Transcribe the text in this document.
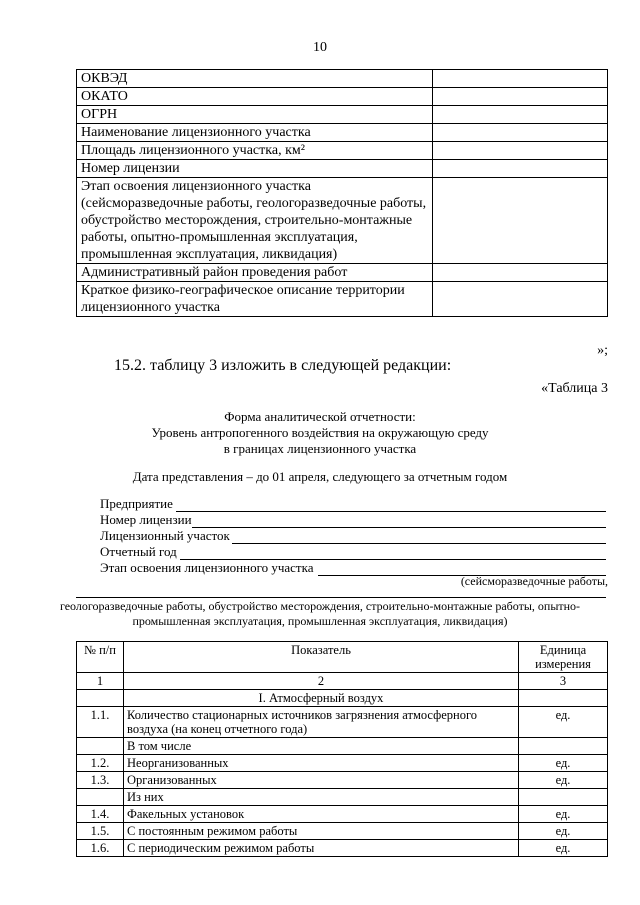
10
ОКВЭД	
ОКАТО	
ОГРН	
Наименование лицензионного участка	
Площадь лицензионного участка, км²	
Номер лицензии	
Этап освоения лицензионного участка (сейсморазведочные работы, геологоразведочные работы, обустройство месторождения, строительно-монтажные работы, опытно-промышленная эксплуатация, промышленная эксплуатация, ликвидация)	
Административный район проведения работ	
Краткое физико-географическое описание территории лицензионного участка	
»;
15.2. таблицу 3 изложить в следующей редакции:
«Таблица 3
Форма аналитической отчетности:
Уровень антропогенного воздействия на окружающую среду
в границах лицензионного участка
Дата представления – до 01 апреля, следующего за отчетным годом
Предприятие
Номер лицензии
Лицензионный участок
Отчетный год
Этап освоения лицензионного участка
(сейсморазведочные работы,
геологоразведочные работы, обустройство месторождения, строительно-монтажные работы, опытно-
промышленная эксплуатация, промышленная эксплуатация, ликвидация)
№ п/п	Показатель	Единица измерения
1	2	3
	I. Атмосферный воздух	
1.1.	Количество стационарных источников загрязнения атмосферного воздуха (на конец отчетного года)	ед.
	В том числе	
1.2.	Неорганизованных	ед.
1.3.	Организованных	ед.
	Из них	
1.4.	Факельных установок	ед.
1.5.	С постоянным режимом работы	ед.
1.6.	С периодическим режимом работы	ед.
